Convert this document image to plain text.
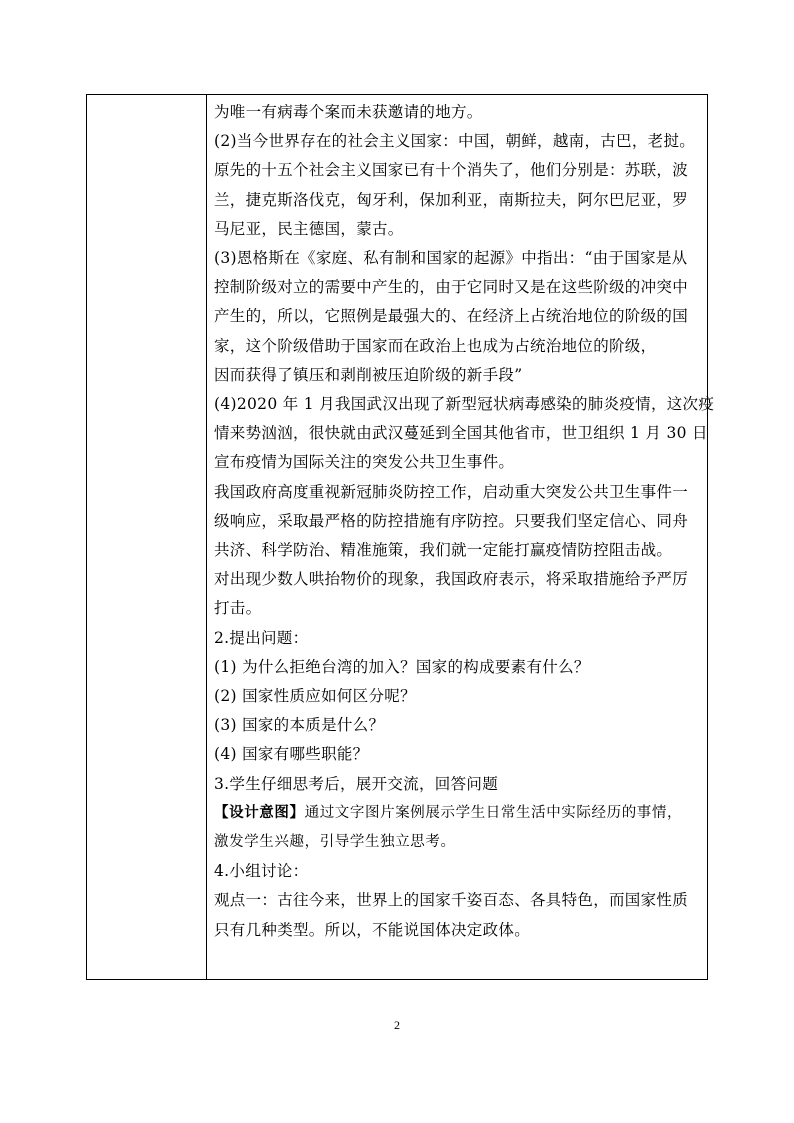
为唯一有病毒个案而未获邀请的地方。

(2)当今世界存在的社会主义国家：中国，朝鲜，越南，古巴，老挝。
原先的十五个社会主义国家已有十个消失了，他们分别是：苏联，波
兰，捷克斯洛伐克，匈牙利，保加利亚，南斯拉夫，阿尔巴尼亚，罗
马尼亚，民主德国，蒙古。

(3)恩格斯在《家庭、私有制和国家的起源》中指出：“由于国家是从
控制阶级对立的需要中产生的，由于它同时又是在这些阶级的冲突中
产生的，所以，它照例是最强大的、在经济上占统治地位的阶级的国
家，这个阶级借助于国家而在政治上也成为占统治地位的阶级，
因而获得了镇压和剥削被压迫阶级的新手段”

(4)2020 年 1 月我国武汉出现了新型冠状病毒感染的肺炎疫情，这次疫
情来势汹汹，很快就由武汉蔓延到全国其他省市，世卫组织 1 月 30 日
宣布疫情为国际关注的突发公共卫生事件。

我国政府高度重视新冠肺炎防控工作，启动重大突发公共卫生事件一
级响应，采取最严格的防控措施有序防控。只要我们坚定信心、同舟
共济、科学防治、精准施策，我们就一定能打赢疫情防控阻击战。

对出现少数人哄抬物价的现象，我国政府表示，将采取措施给予严厉
打击。

2.提出问题：

(1) 为什么拒绝台湾的加入？国家的构成要素有什么？

(2) 国家性质应如何区分呢？

(3) 国家的本质是什么？

(4) 国家有哪些职能？

3.学生仔细思考后，展开交流，回答问题

【设计意图】通过文字图片案例展示学生日常生活中实际经历的事情，
激发学生兴趣，引导学生独立思考。

4.小组讨论：

观点一：古往今来，世界上的国家千姿百态、各具特色，而国家性质
只有几种类型。所以，不能说国体决定政体。

2
